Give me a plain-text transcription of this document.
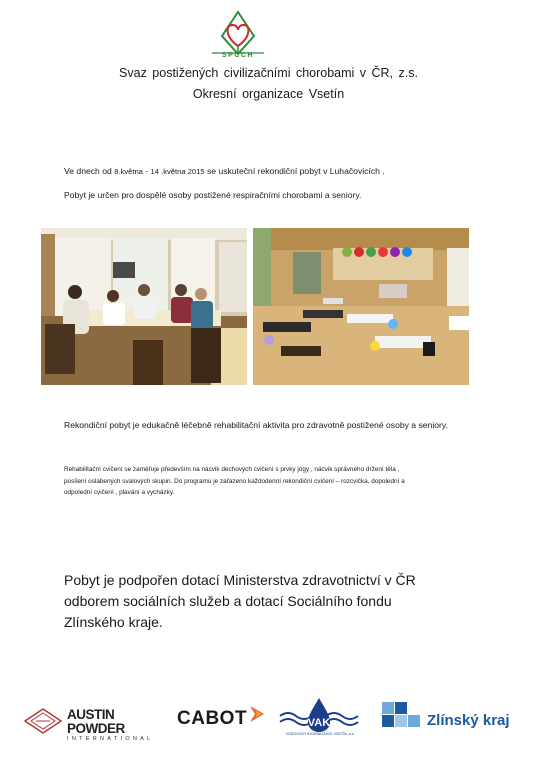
SPCCH
Svaz postižených civilizačními chorobami v ČR, z.s.
Okresní organizace Vsetín
Ve dnech od 8.května - 14 .května 2015 se uskuteční rekondiční pobyt v Luhačovicích .
Pobyt je určen pro dospělé osoby postižené respiračními chorobami a seniory.
Rekondiční pobyt je edukačně léčebně rehabilitační aktivita pro zdravotně postižené osoby a seniory.
Rehabilitační cvičení se zaměřuje především na nácvik dechových cvičení s prvky jógy , nácvik správného držení těla ,
posílení oslabených svalových skupin. Do programu je zařazeno každodenní rekondiční cvičení – rozcvička, dopolední a
odpolední cvičení , plavání a vycházky.
Pobyt je podpořen dotací Ministerstva zdravotnictví v ČR
odborem sociálních služeb a dotací Sociálního fondu
Zlínského kraje.
AUSTIN POWDER
INTERNATIONAL
CABOT	VAK
VODOVODY A KANALIZACE VSETÍN, a.s.
Zlínský kraj
